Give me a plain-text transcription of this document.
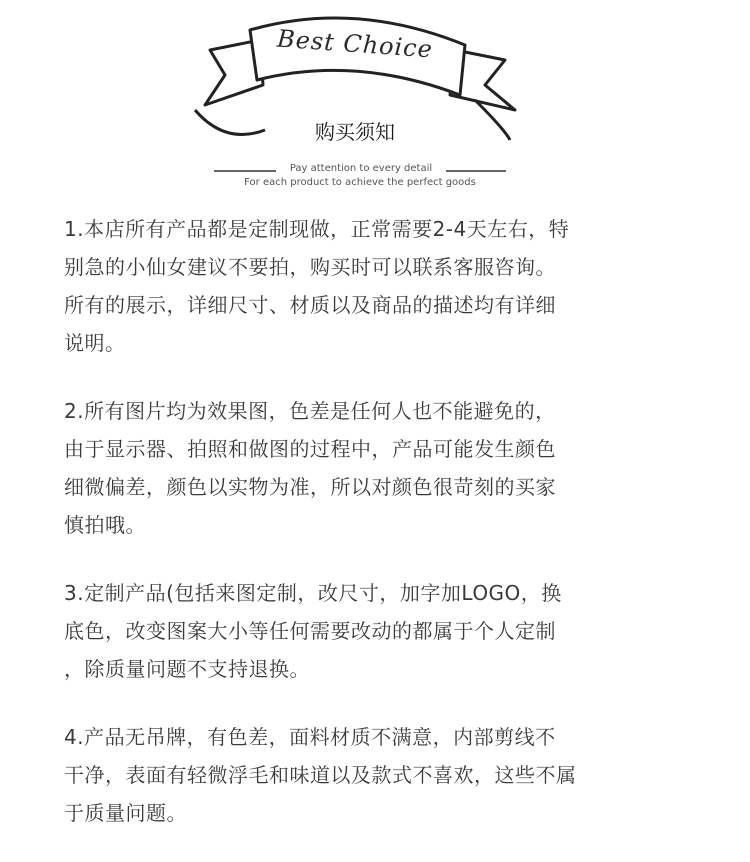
Best Choice
购买须知
Pay attention to every detail
For each product to achieve the perfect goods

1.本店所有产品都是定制现做，正常需要2-4天左右，特
别急的小仙女建议不要拍，购买时可以联系客服咨询。
所有的展示，详细尺寸、材质以及商品的描述均有详细
说明。

2.所有图片均为效果图，色差是任何人也不能避免的，
由于显示器、拍照和做图的过程中，产品可能发生颜色
细微偏差，颜色以实物为准，所以对颜色很苛刻的买家
慎拍哦。

3.定制产品(包括来图定制，改尺寸，加字加LOGO，换
底色，改变图案大小等任何需要改动的都属于个人定制
，除质量问题不支持退换。

4.产品无吊牌，有色差，面料材质不满意，内部剪线不
干净，表面有轻微浮毛和味道以及款式不喜欢，这些不属
于质量问题。
